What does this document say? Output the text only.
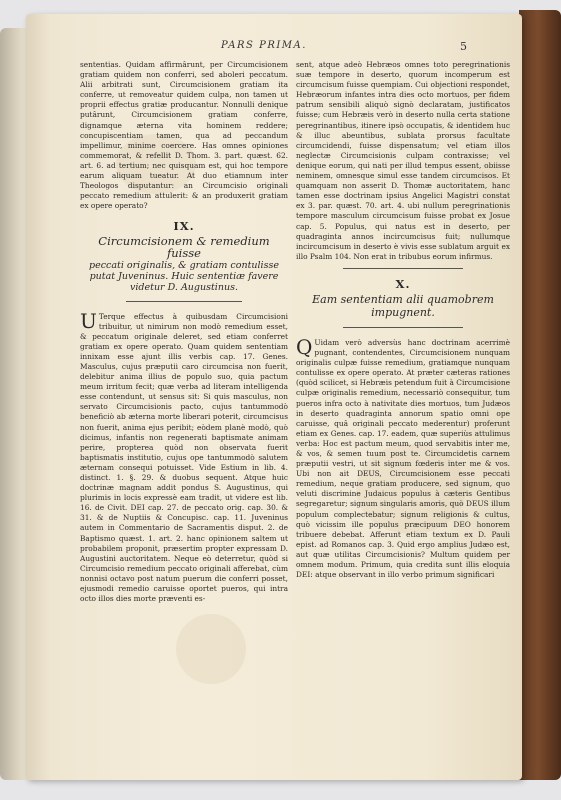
PARS PRIMA.	5

sententias. Quidam affirmârunt, per Circumcisionem gratiam quidem non conferri, sed aboleri peccatum. Alii arbitrati sunt, Circumcisionem gratiam ita conferre, ut removeatur quidem culpa, non tamen ut proprii effectus gratiæ producantur. Nonnulli denique putârunt, Circumcisionem gratiam conferre, dignamque æterna vita hominem reddere; concupiscentiam tamen, qua ad peccandum impellimur, minime coercere. Has omnes opiniones commemorat, & refellit D. Thom. 3. part. quæst. 62. art. 6. ad tertium; nec quisquam est, qui hoc tempore earum aliquam tueatur. At duo etiamnum inter Theologos disputantur: an Circumcisio originali peccato remedium attulerit: & an produxerit gratiam ex opere operato?

IX.
Circumcisionem & remedium fuisse
peccati originalis, & gratiam contulisse putat Juveninus. Huic sententiæ favere videtur D. Augustinus.

U Terque effectus à quibusdam Circumcisioni tribuitur, ut nimirum non modò remedium esset, & peccatum originale deleret, sed etiam conferret gratiam ex opere operato. Quam quidem sententiam innixam esse ajunt illis verbis cap. 17. Genes. Masculus, cujus præputii caro circumcisa non fuerit, delebitur anima illius de populo suo, quia pactum meum irritum fecit; quæ verba ad literam intelligenda esse contendunt, ut sensus sit: Si quis masculus, non servato Circumcisionis pacto, cujus tantummodò beneficiò ab æterna morte liberari poterit, circumcisus non fuerit, anima ejus peribit; eòdem planè modò, quò dicimus, infantis non regenerati baptismate animam perire, propterea quòd non observata fuerit baptismatis institutio, cujus ope tantummodò salutem æternam consequi potuisset. Vide Estium in lib. 4. distinct. 1. §. 29. & duobus sequent. Atque huic doctrinæ magnam addit pondus S. Augustinus, qui plurimis in locis expressè eam tradit, ut videre est lib. 16. de Civit. DEI cap. 27. de peccato orig. cap. 30. & 31. & de Nuptiis & Concupisc. cap. 11. Juveninus autem in Commentario de Sacramentis disput. 2. de Baptismo quæst. 1. art. 2. hanc opinionem saltem ut probabilem proponit, præsertim propter expressam D. Augustini auctoritatem. Neque eò deterretur, quòd si Circumcisio remedium peccato originali afferebat, cùm nonnisi octavo post natum puerum die conferri posset, ejusmodi remedio caruisse oportet pueros, qui intra octo illos dies morte præventi es-

sent, atque adeò Hebræos omnes toto peregrinationis suæ tempore in deserto, quorum incomperum est circumcisum fuisse quempiam. Cui objectioni respondet, Hebræorum infantes intra dies octo mortuos, per fidem patrum sensibili aliquò signò declaratam, justificatos fuisse; cum Hebræis verò in deserto nulla certa statione peregrinantibus, itinere ipsò occupatis, & identidem huc & illuc abeuntibus, sublata prorsus facultate circumcidendi, fuisse dispensatum; vel etiam illos neglectæ Circumcisionis culpam contraxisse; vel denique eorum, qui nati per illud tempus essent, obiisse neminem, omnesque simul esse tandem circumcisos. Et quamquam non asserit D. Thomæ auctoritatem, hanc tamen esse doctrinam ipsius Angelici Magistri constat ex 3. par. quæst. 70. art. 4. ubi nullum peregrinationis tempore masculum circumcisum fuisse probat ex Josue cap. 5. Populus, qui natus est in deserto, per quadraginta annos incircumcisus fuit; nullumque incircumcisum in deserto è vivis esse sublatum arguit ex illo Psalm 104. Non erat in tribubus eorum infirmus.

X.
Eam sententiam alii quamobrem
impugnent.

Q Uidam verò adversùs hanc doctrinam acerrimè pugnant, contendentes, Circumcisionem nunquam originalis culpæ fuisse remedium, gratiamque nunquam contulisse ex opere operato. At præter cæteras rationes (quòd scilicet, si Hebræis petendum fuit à Circumcisione culpæ originalis remedium, necessariò consequitur, tum pueros infra octo à nativitate dies mortuos, tum Judæos in deserto quadraginta annorum spatio omni ope caruisse, quâ originali peccato mederentur) proferunt etiam ex Genes. cap. 17. eadem, quæ superiùs attulimus verba: Hoc est pactum meum, quod servabitis inter me, & vos, & semen tuum post te. Circumcidetis carnem præputii vestri, ut sit signum fœderis inter me & vos. Ubi non ait DEUS, Circumcisionem esse peccati remedium, neque gratiam producere, sed signum, quo veluti discrimine Judaicus populus à cæteris Gentibus segregaretur; signum singularis amoris, quò DEUS illum populum complectebatur; signum religionis & cultus, quò vicissim ille populus præcipuum DEO honorem tribuere debebat. Afferunt etiam textum ex D. Pauli epist. ad Romanos cap. 3. Quid ergo amplius Judæo est, aut quæ utilitas Circumcisionis? Multum quidem per omnem modum. Primum, quia credita sunt illis eloquia DEI: atque observant in illo verbo primum significari
